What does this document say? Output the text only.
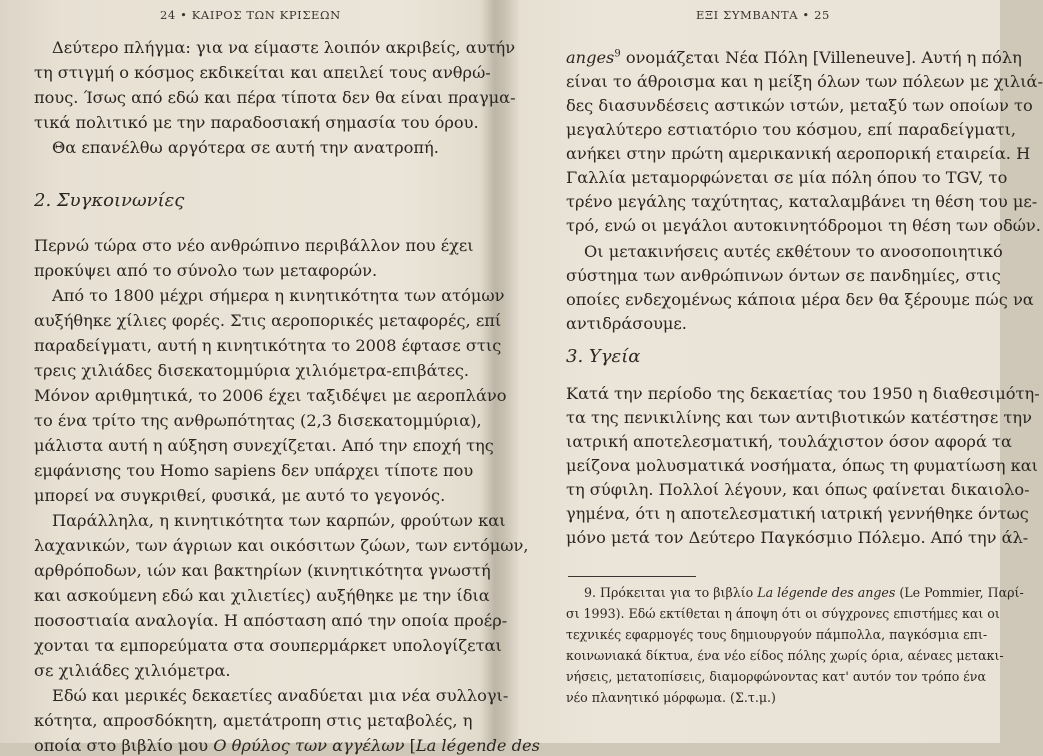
24 • ΚΑΙΡΟΣ ΤΩΝ ΚΡΙΣΕΩΝ
Δεύτερο πλήγμα: για να είμαστε λοιπόν ακριβείς, αυτήν
τη στιγμή ο κόσμος εκδικείται και απειλεί τους ανθρώ-
πους. Ίσως από εδώ και πέρα τίποτα δεν θα είναι πραγμα-
τικά πολιτικό με την παραδοσιακή σημασία του όρου.
Θα επανέλθω αργότερα σε αυτή την ανατροπή.
2. Συγκοινωνίες
Περνώ τώρα στο νέο ανθρώπινο περιβάλλον που έχει
προκύψει από το σύνολο των μεταφορών.
Από το 1800 μέχρι σήμερα η κινητικότητα των ατόμων
αυξήθηκε χίλιες φορές. Στις αεροπορικές μεταφορές, επί
παραδείγματι, αυτή η κινητικότητα το 2008 έφτασε στις
τρεις χιλιάδες δισεκατομμύρια χιλιόμετρα-επιβάτες.
Μόνον αριθμητικά, το 2006 έχει ταξιδέψει με αεροπλάνο
το ένα τρίτο της ανθρωπότητας (2,3 δισεκατομμύρια),
μάλιστα αυτή η αύξηση συνεχίζεται. Από την εποχή της
εμφάνισης του Homo sapiens δεν υπάρχει τίποτε που
μπορεί να συγκριθεί, φυσικά, με αυτό το γεγονός.
Παράλληλα, η κινητικότητα των καρπών, φρούτων και
λαχανικών, των άγριων και οικόσιτων ζώων, των εντόμων,
αρθρόποδων, ιών και βακτηρίων (κινητικότητα γνωστή
και ασκούμενη εδώ και χιλιετίες) αυξήθηκε με την ίδια
ποσοστιαία αναλογία. Η απόσταση από την οποία προέρ-
χονται τα εμπορεύματα στα σουπερμάρκετ υπολογίζεται
σε χιλιάδες χιλιόμετρα.
Εδώ και μερικές δεκαετίες αναδύεται μια νέα συλλογι-
κότητα, απροσδόκητη, αμετάτροπη στις μεταβολές, η
οποία στο βιβλίο μου Ο θρύλος των αγγέλων [La légende des
ΕΞΙ ΣΥΜΒΑΝΤΑ • 25
anges$^9$ ονομάζεται Νέα Πόλη [Villeneuve]. Αυτή η πόλη
είναι το άθροισμα και η μείξη όλων των πόλεων με χιλιά-
δες διασυνδέσεις αστικών ιστών, μεταξύ των οποίων το
μεγαλύτερο εστιατόριο του κόσμου, επί παραδείγματι,
ανήκει στην πρώτη αμερικανική αεροπορική εταιρεία. Η
Γαλλία μεταμορφώνεται σε μία πόλη όπου το TGV, το
τρένο μεγάλης ταχύτητας, καταλαμβάνει τη θέση του με-
τρό, ενώ οι μεγάλοι αυτοκινητόδρομοι τη θέση των οδών.
Οι μετακινήσεις αυτές εκθέτουν το ανοσοποιητικό
σύστημα των ανθρώπινων όντων σε πανδημίες, στις
οποίες ενδεχομένως κάποια μέρα δεν θα ξέρουμε πώς να
αντιδράσουμε.
3. Υγεία
Κατά την περίοδο της δεκαετίας του 1950 η διαθεσιμότη-
τα της πενικιλίνης και των αντιβιοτικών κατέστησε την
ιατρική αποτελεσματική, τουλάχιστον όσον αφορά τα
μείζονα μολυσματικά νοσήματα, όπως τη φυματίωση και
τη σύφιλη. Πολλοί λέγουν, και όπως φαίνεται δικαιολο-
γημένα, ότι η αποτελεσματική ιατρική γεννήθηκε όντως
μόνο μετά τον Δεύτερο Παγκόσμιο Πόλεμο. Από την άλ-
9. Πρόκειται για το βιβλίο La légende des anges (Le Pommier, Παρί-
σι 1993). Εδώ εκτίθεται η άποψη ότι οι σύγχρονες επιστήμες και οι
τεχνικές εφαρμογές τους δημιουργούν πάμπολλα, παγκόσμια επι-
κοινωνιακά δίκτυα, ένα νέο είδος πόλης χωρίς όρια, αέναες μετακι-
νήσεις, μετατοπίσεις, διαμορφώνοντας κατ' αυτόν τον τρόπο ένα
νέο πλανητικό μόρφωμα. (Σ.τ.μ.)
